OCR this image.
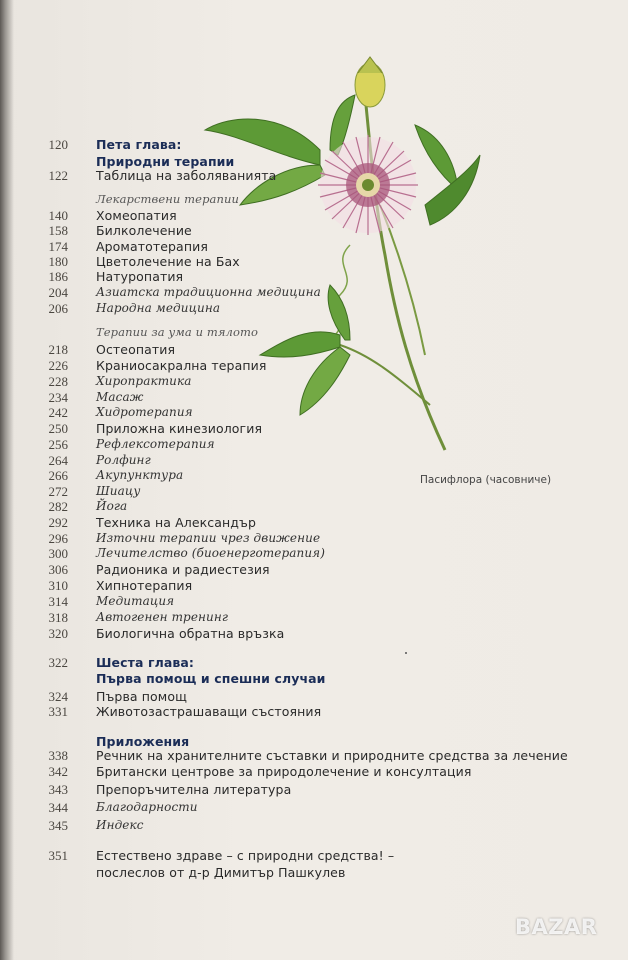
Пасифлора (часовниче)
120 Пета глава:
Природни терапии
122 Таблица на заболяванията
Лекарствени терапии
140 Хомеопатия
158 Билколечение
174 Ароматотерапия
180 Цветолечение на Бах
186 Натуропатия
204 Азиатска традиционна медицина
206 Народна медицина
Терапии за ума и тялото
218 Остеопатия
226 Краниосакрална терапия
228 Хиропрактика
234 Масаж
242 Хидротерапия
250 Приложна кинезиология
256 Рефлексотерапия
264 Ролфинг
266 Акупунктура
272 Шиацу
282 Йога
292 Техника на Александър
296 Източни терапии чрез движение
300 Лечителство (биоенерготерапия)
306 Радионика и радиестезия
310 Хипнотерапия
314 Медитация
318 Автогенен тренинг
320 Биологична обратна връзка
322 Шеста глава:
Първа помощ и спешни случаи
324 Първа помощ
331 Животозастрашаващи състояния
Приложения
338 Речник на хранителните съставки и природните средства за лечение
342 Британски центрове за природолечение и консултация
343 Препоръчителна литература
344 Благодарности
345 Индекс
351 Естествено здраве – с природни средства! –
послеслов от д-р Димитър Пашкулев
BAZAR
